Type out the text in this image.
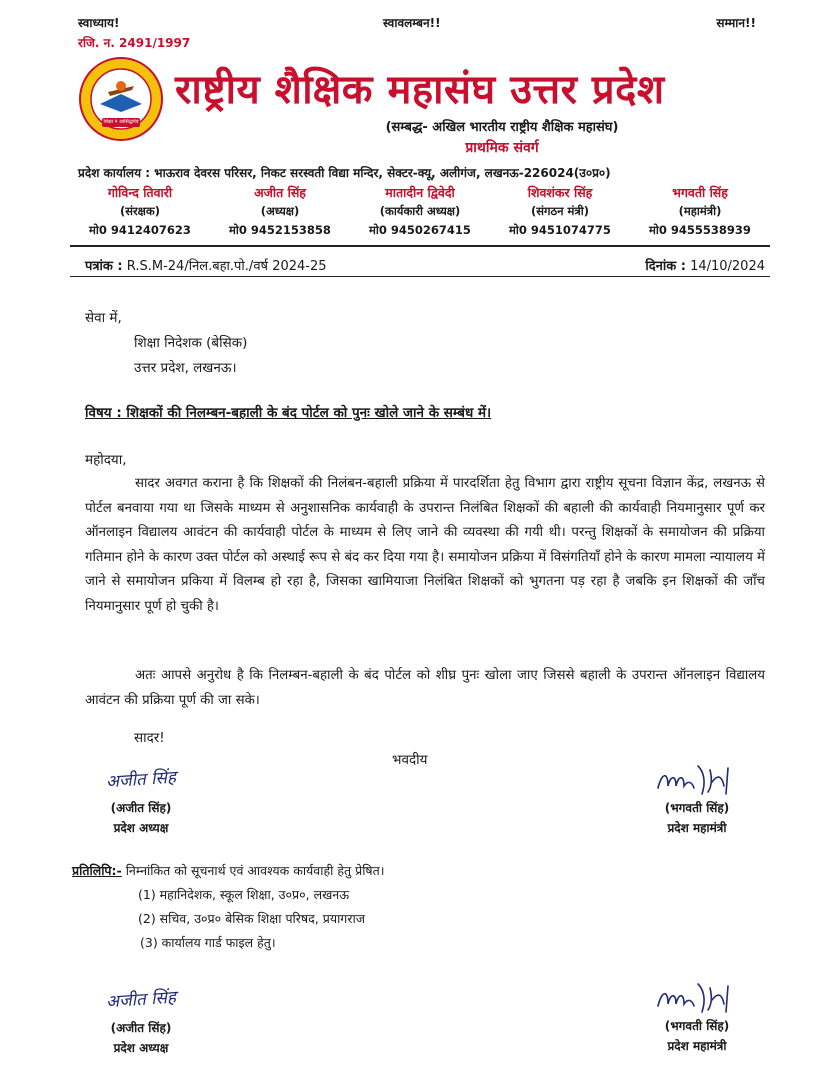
स्वाध्याय!	स्वावलम्बन!!	सम्मान!!
रजि. न. 2491/1997
शिक्षा न आसिद्धमेव
राष्ट्रीय शैक्षिक महासंघ उत्तर प्रदेश
(सम्बद्ध- अखिल भारतीय राष्ट्रीय शैक्षिक महासंघ)
प्राथमिक संवर्ग
प्रदेश कार्यालय : भाऊराव देवरस परिसर, निकट सरस्वती विद्या मन्दिर, सेक्टर-क्यू, अलीगंज, लखनऊ-226024(उ०प्र०)
गोविन्द तिवारी
(संरक्षक)
मो0 9412407623
अजीत सिंह
(अध्यक्ष)
मो0 9452153858
मातादीन द्विवेदी
(कार्यकारी अध्यक्ष)
मो0 9450267415
शिवशंकर सिंह
(संगठन मंत्री)
मो0 9451074775
भगवती सिंह
(महामंत्री)
मो0 9455538939
पत्रांक : R.S.M-24/निल.बहा.पो./वर्ष 2024-25	दिनांक : 14/10/2024
सेवा में,
शिक्षा निदेशक (बेसिक)
उत्तर प्रदेश, लखनऊ।
विषय : शिक्षकों की निलम्बन-बहाली के बंद पोर्टल को पुनः खोले जाने के सम्बंध में।
महोदया,
सादर अवगत कराना है कि शिक्षकों की निलंबन-बहाली प्रक्रिया में पारदर्शिता हेतु विभाग द्वारा राष्ट्रीय सूचना विज्ञान केंद्र, लखनऊ से पोर्टल बनवाया गया था जिसके माध्यम से अनुशासनिक कार्यवाही के उपरान्त निलंबित शिक्षकों की बहाली की कार्यवाही नियमानुसार पूर्ण कर ऑनलाइन विद्यालय आवंटन की कार्यवाही पोर्टल के माध्यम से लिए जाने की व्यवस्था की गयी थी। परन्तु शिक्षकों के समायोजन की प्रक्रिया गतिमान होने के कारण उक्त पोर्टल को अस्थाई रूप से बंद कर दिया गया है। समायोजन प्रक्रिया में विसंगतियाँ होने के कारण मामला न्यायालय में जाने से समायोजन प्रकिया में विलम्ब हो रहा है, जिसका खामियाजा निलंबित शिक्षकों को भुगतना पड़ रहा है जबकि इन शिक्षकों की जाँच नियमानुसार पूर्ण हो चुकी है।
अतः आपसे अनुरोध है कि निलम्बन-बहाली के बंद पोर्टल को शीघ्र पुनः खोला जाए जिससे बहाली के उपरान्त ऑनलाइन विद्यालय आवंटन की प्रक्रिया पूर्ण की जा सके।
सादर!
भवदीय
अजीत सिंह
(अजीत सिंह)
प्रदेश अध्यक्ष
(भगवती सिंह)
प्रदेश महामंत्री
प्रतिलिपि:- निम्नांकित को सूचनार्थ एवं आवश्यक कार्यवाही हेतु प्रेषित।
(1) महानिदेशक, स्कूल शिक्षा, उ०प्र०, लखनऊ
(2) सचिव, उ०प्र० बेसिक शिक्षा परिषद, प्रयागराज
(3) कार्यालय गार्ड फाइल हेतु।
अजीत सिंह
(अजीत सिंह)
प्रदेश अध्यक्ष
(भगवती सिंह)
प्रदेश महामंत्री
